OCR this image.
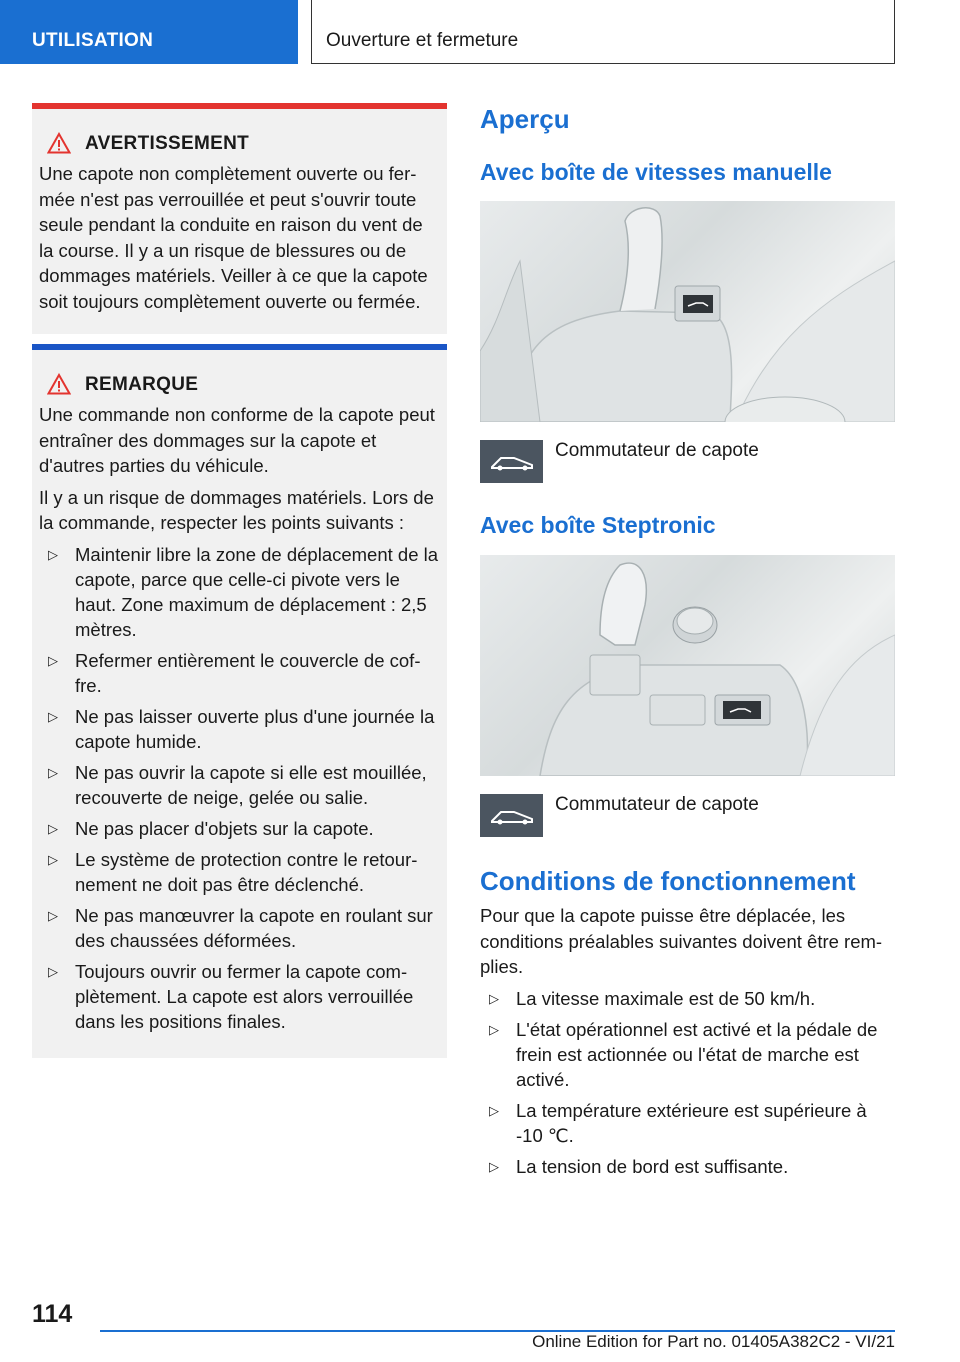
UTILISATION	Ouverture et fermeture
AVERTISSEMENT

Une capote non complètement ouverte ou fer-mée n'est pas verrouillée et peut s'ouvrir toute seule pendant la conduite en raison du vent de la course. Il y a un risque de blessures ou de dommages matériels. Veiller à ce que la capote soit toujours complètement ouverte ou fermée.

REMARQUE

Une commande non conforme de la capote peut entraîner des dommages sur la capote et d'autres parties du véhicule.

Il y a un risque de dommages matériels. Lors de la commande, respecter les points suivants :

▷ Maintenir libre la zone de déplacement de la capote, parce que celle-ci pivote vers le haut. Zone maximum de déplacement : 2,5 mètres.
▷ Refermer entièrement le couvercle de cof-fre.
▷ Ne pas laisser ouverte plus d'une journée la capote humide.
▷ Ne pas ouvrir la capote si elle est mouillée, recouverte de neige, gelée ou salie.
▷ Ne pas placer d'objets sur la capote.
▷ Le système de protection contre le retour-nement ne doit pas être déclenché.
▷ Ne pas manœuvrer la capote en roulant sur des chaussées déformées.
▷ Toujours ouvrir ou fermer la capote com-plètement. La capote est alors verrouillée dans les positions finales.
Aperçu
Avec boîte de vitesses manuelle
Commutateur de capote
Avec boîte Steptronic
Commutateur de capote
Conditions de fonctionnement
Pour que la capote puisse être déplacée, les conditions préalables suivantes doivent être rem-plies.
▷ La vitesse maximale est de 50 km/h.
▷ L'état opérationnel est activé et la pédale de frein est actionnée ou l'état de marche est activé.
▷ La température extérieure est supérieure à -10 ℃.
▷ La tension de bord est suffisante.
114
Online Edition for Part no. 01405A382C2 - VI/21
